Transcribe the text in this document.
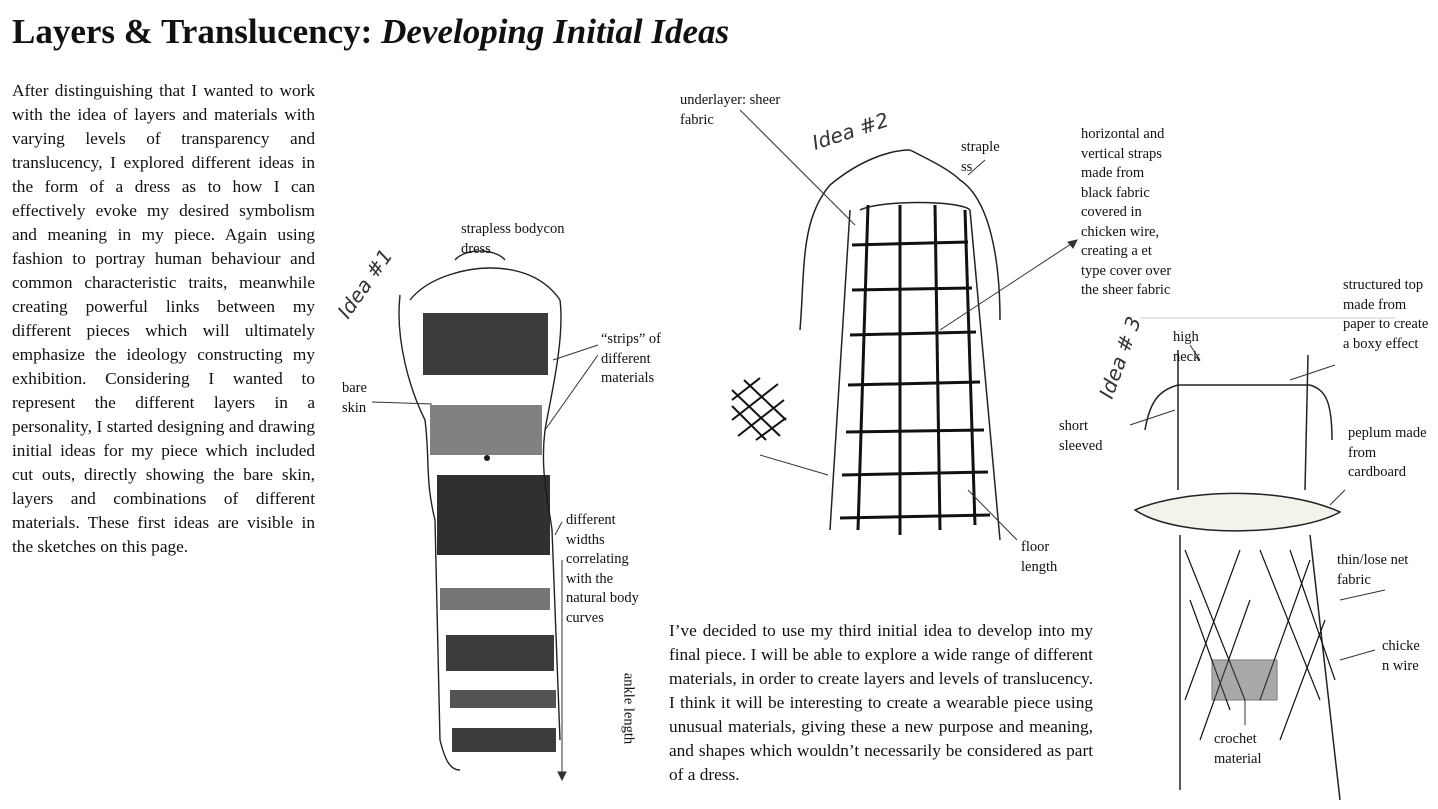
Layers & Translucency: Developing Initial Ideas
After distinguishing that I wanted to work with the idea of layers and materials with varying levels of transparency and translucency, I explored different ideas in the form of a dress as to how I can effectively evoke my desired symbolism and meaning in my piece. Again using fashion to portray human behaviour and common characteristic traits, meanwhile creating powerful links between my different pieces which will ultimately emphasize the ideology constructing my exhibition. Considering I wanted to represent the different layers in a personality, I started designing and drawing initial ideas for my piece which included cut outs, directly showing the bare skin, layers and combinations of different materials. These first ideas are visible in the sketches on this page.
I’ve decided to use my third initial idea to develop into my final piece. I will be able to explore a wide range of different materials, in order to create layers and levels of translucency. I think it will be interesting to create a wearable piece using unusual materials, giving these a new purpose and meaning, and shapes which wouldn’t necessarily be considered as part of a dress.
Idea #1
Idea #2
Idea # 3
strapless bodycon dress
“strips” of different materials
bare skin
different widths correlating with the natural body curves
ankle length
underlayer: sheer fabric
straple ss
horizontal and vertical straps made from black fabric covered in chicken wire, creating a et type cover over the sheer fabric
floor length
structured top made from paper to create a boxy effect
high neck
short sleeved
peplum made from cardboard
thin/lose net fabric
chicke n wire
crochet material
